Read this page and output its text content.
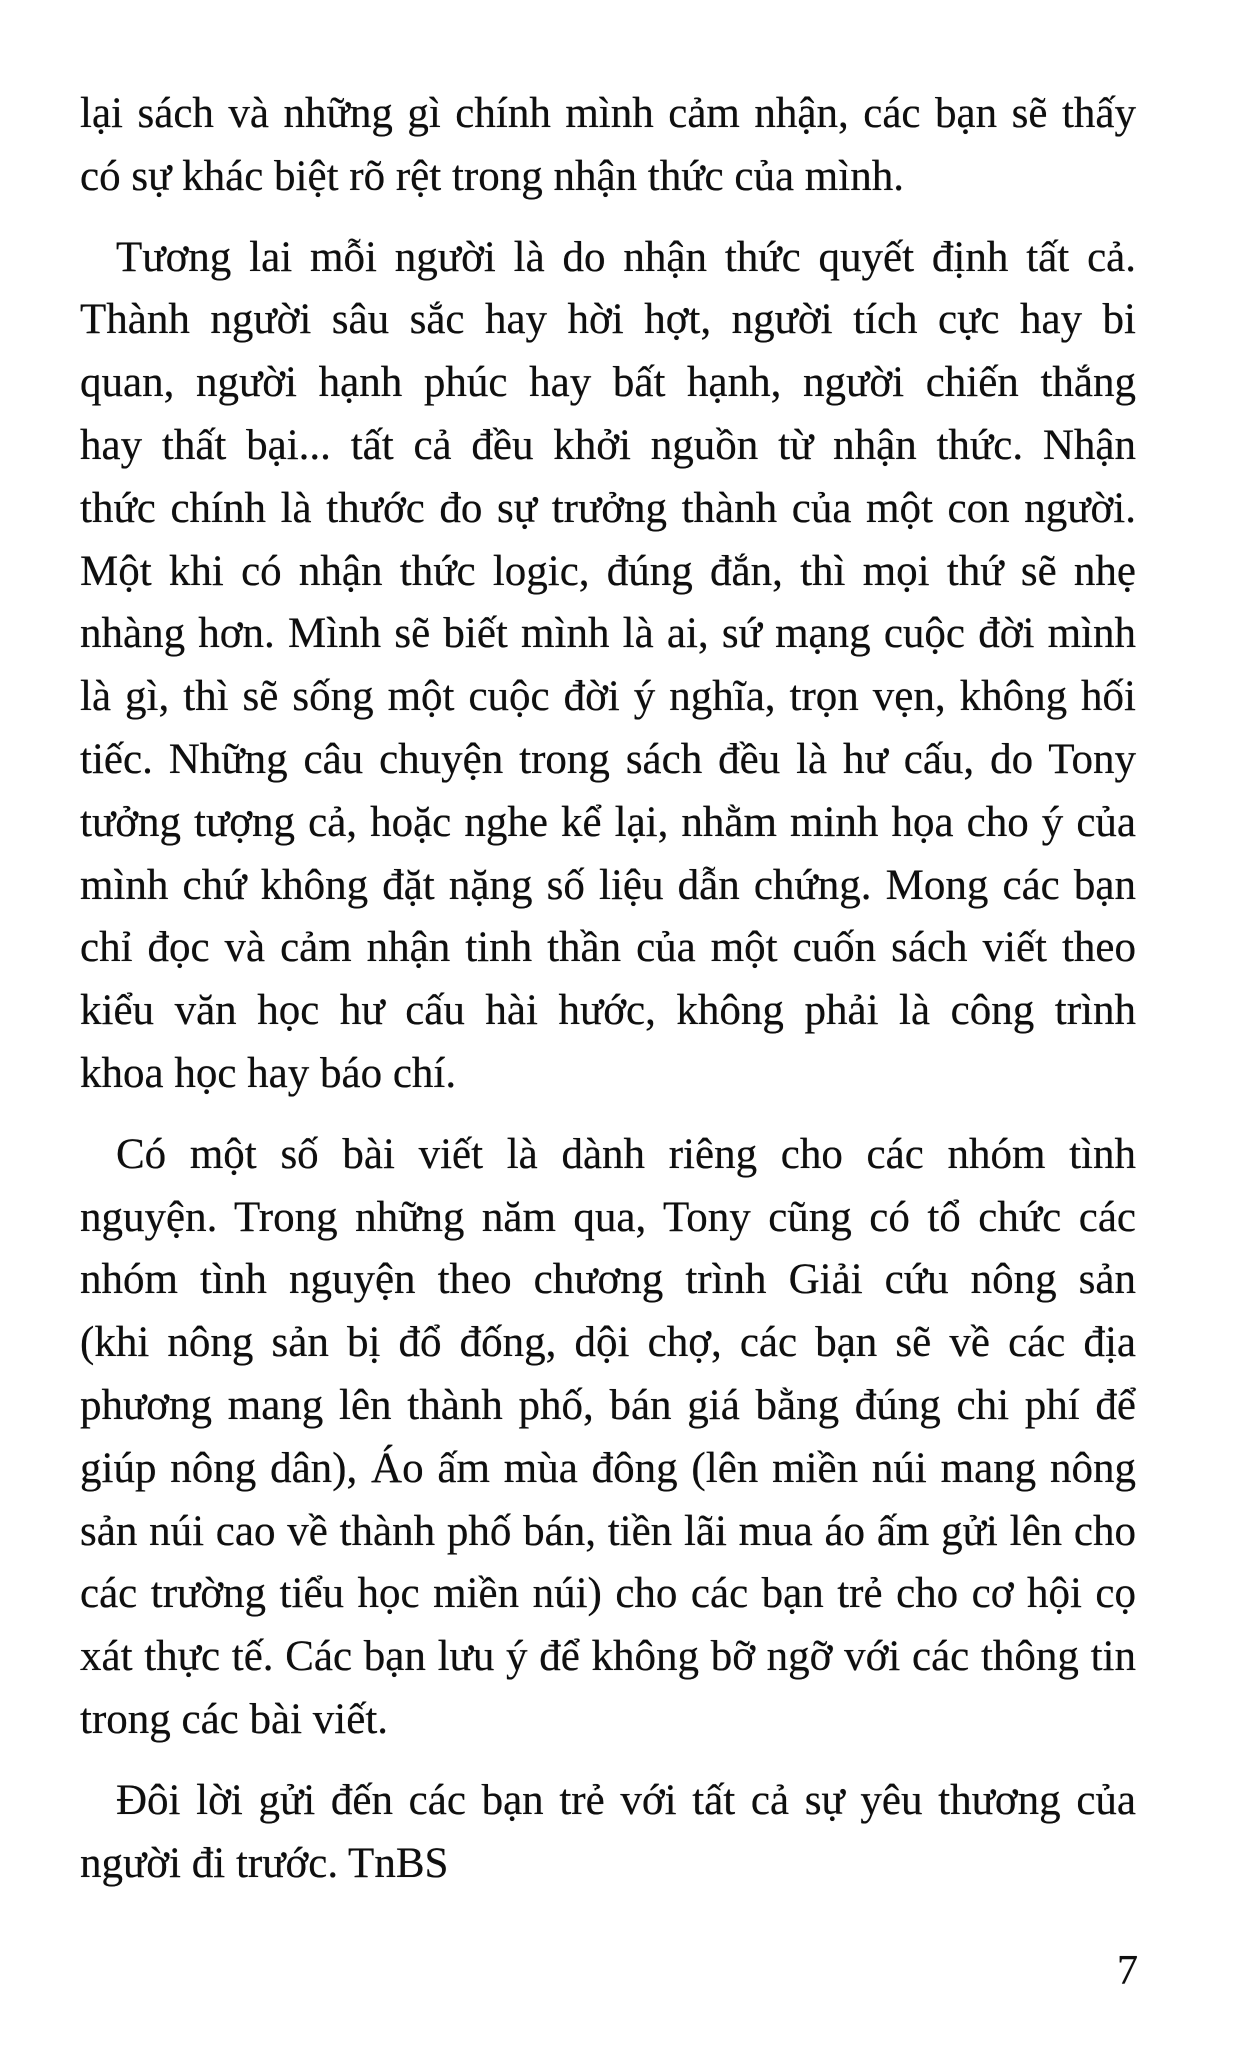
lại sách và những gì chính mình cảm nhận, các bạn sẽ thấy
có sự khác biệt rõ rệt trong nhận thức của mình.
Tương lai mỗi người là do nhận thức quyết định tất cả.
Thành người sâu sắc hay hời hợt, người tích cực hay bi
quan, người hạnh phúc hay bất hạnh, người chiến thắng
hay thất bại... tất cả đều khởi nguồn từ nhận thức. Nhận
thức chính là thước đo sự trưởng thành của một con người.
Một khi có nhận thức logic, đúng đắn, thì mọi thứ sẽ nhẹ
nhàng hơn. Mình sẽ biết mình là ai, sứ mạng cuộc đời mình
là gì, thì sẽ sống một cuộc đời ý nghĩa, trọn vẹn, không hối
tiếc. Những câu chuyện trong sách đều là hư cấu, do Tony
tưởng tượng cả, hoặc nghe kể lại, nhằm minh họa cho ý của
mình chứ không đặt nặng số liệu dẫn chứng. Mong các bạn
chỉ đọc và cảm nhận tinh thần của một cuốn sách viết theo
kiểu văn học hư cấu hài hước, không phải là công trình
khoa học hay báo chí.
Có một số bài viết là dành riêng cho các nhóm tình
nguyện. Trong những năm qua, Tony cũng có tổ chức các
nhóm tình nguyện theo chương trình Giải cứu nông sản
(khi nông sản bị đổ đống, dội chợ, các bạn sẽ về các địa
phương mang lên thành phố, bán giá bằng đúng chi phí để
giúp nông dân), Áo ấm mùa đông (lên miền núi mang nông
sản núi cao về thành phố bán, tiền lãi mua áo ấm gửi lên cho
các trường tiểu học miền núi) cho các bạn trẻ cho cơ hội cọ
xát thực tế. Các bạn lưu ý để không bỡ ngỡ với các thông tin
trong các bài viết.
Đôi lời gửi đến các bạn trẻ với tất cả sự yêu thương của
người đi trước. TnBS
7
